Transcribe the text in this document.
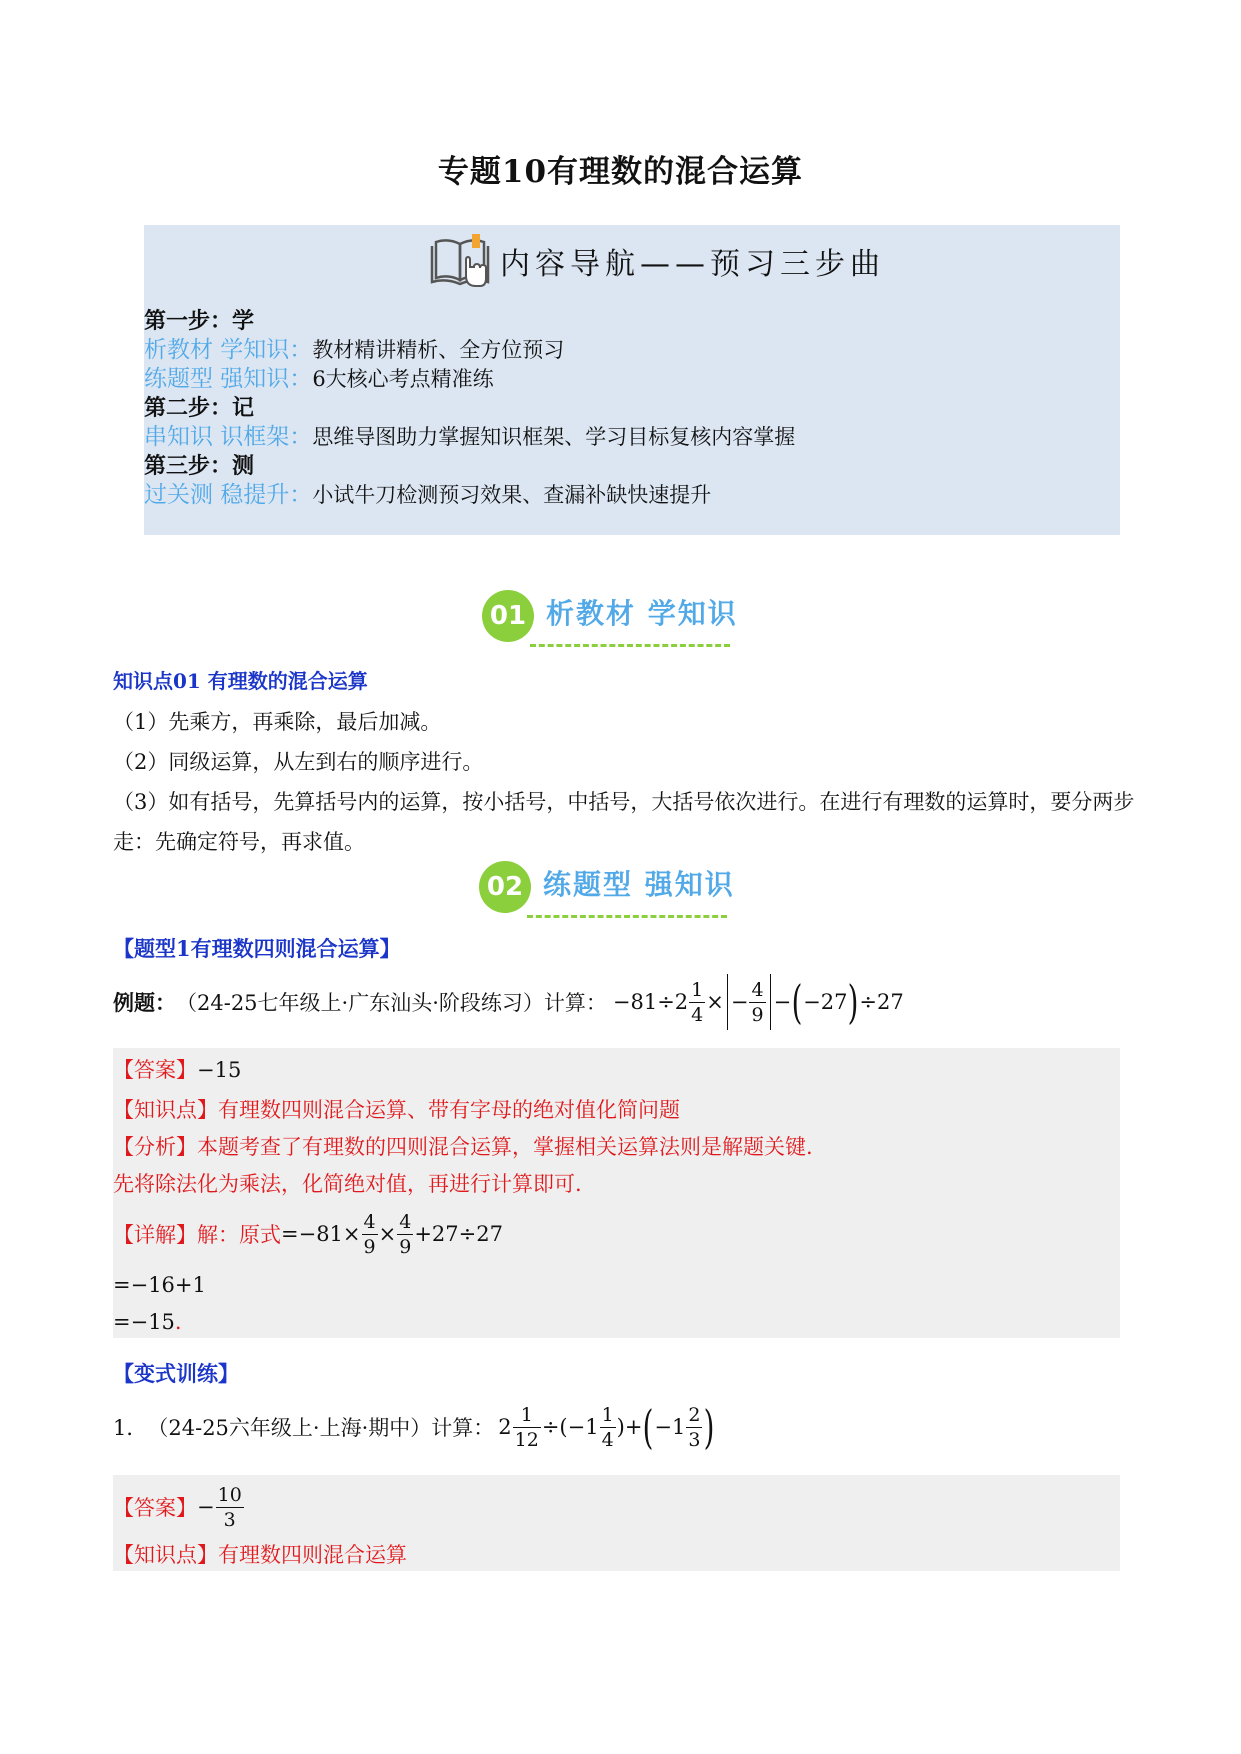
专题10有理数的混合运算
内容导航——预习三步曲
第一步：学
析教材 学知识：教材精讲精析、全方位预习
练题型 强知识：6大核心考点精准练
第二步：记
串知识 识框架：思维导图助力掌握知识框架、学习目标复核内容掌握
第三步：测
过关测 稳提升：小试牛刀检测预习效果、查漏补缺快速提升
01 析教材 学知识
知识点01 有理数的混合运算
（1）先乘方，再乘除，最后加减。
（2）同级运算，从左到右的顺序进行。
（3）如有括号，先算括号内的运算，按小括号，中括号，大括号依次进行。在进行有理数的运算时，要分两步
走：先确定符号，再求值。
02 练题型 强知识
【题型1有理数四则混合运算】
例题： （24-25七年级上·广东汕头·阶段练习）计算： $-81\div 2 \frac{1}{4}$ × − $\frac{4}{9}$ − ( −27 ) ÷27
【答案】−15
【知识点】有理数四则混合运算、带有字母的绝对值化简问题
【分析】本题考查了有理数的四则混合运算，掌握相关运算法则是解题关键.
先将除法化为乘法，化简绝对值，再进行计算即可.
【详解】 解：原式 $=-81\times \frac{4}{9} \times \frac{4}{9} +27\div 27$
=−16+1
=−15.
【变式训练】
1． （24-25六年级上·上海·期中）计算： $2 \frac{1}{12} \div(-1 \frac{1}{4}$ )+ ( $-1 \frac{2}{3}$ )
【答案】 − $\frac{10}{3}$
【知识点】有理数四则混合运算
